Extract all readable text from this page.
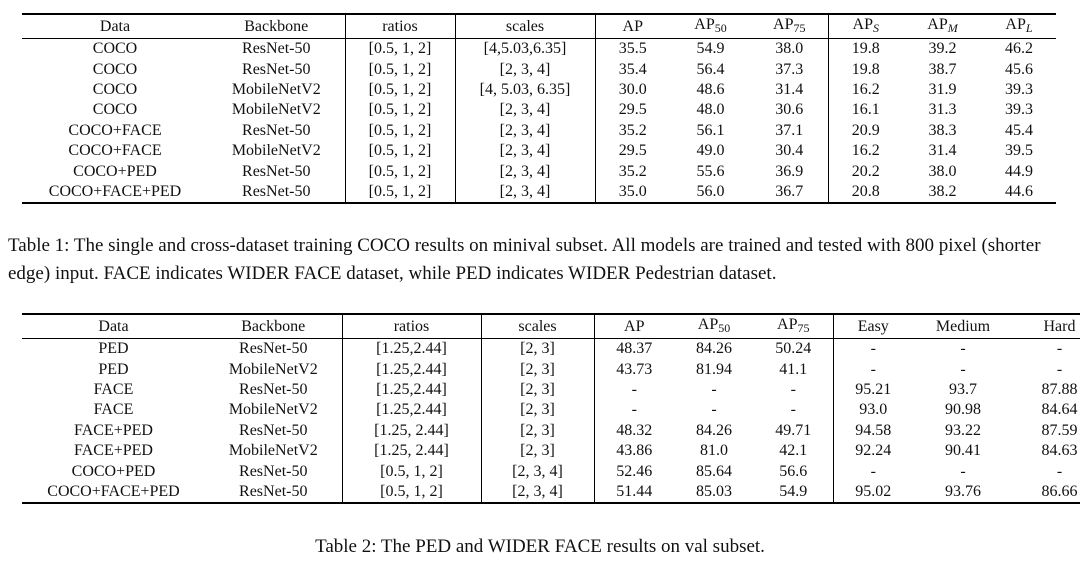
Data	Backbone	ratios	scales	AP	$AP_{50}$	$AP_{75}$	APS	APM	APL
COCO	ResNet-50	[0.5, 1, 2]	[4,5.03,6.35]	35.5	54.9	38.0	19.8	39.2	46.2
COCO	ResNet-50	[0.5, 1, 2]	[2, 3, 4]	35.4	56.4	37.3	19.8	38.7	45.6
COCO	MobileNetV2	[0.5, 1, 2]	[4, 5.03, 6.35]	30.0	48.6	31.4	16.2	31.9	39.3
COCO	MobileNetV2	[0.5, 1, 2]	[2, 3, 4]	29.5	48.0	30.6	16.1	31.3	39.3
COCO+FACE	ResNet-50	[0.5, 1, 2]	[2, 3, 4]	35.2	56.1	37.1	20.9	38.3	45.4
COCO+FACE	MobileNetV2	[0.5, 1, 2]	[2, 3, 4]	29.5	49.0	30.4	16.2	31.4	39.5
COCO+PED	ResNet-50	[0.5, 1, 2]	[2, 3, 4]	35.2	55.6	36.9	20.2	38.0	44.9
COCO+FACE+PED	ResNet-50	[0.5, 1, 2]	[2, 3, 4]	35.0	56.0	36.7	20.8	38.2	44.6
Table 1: The single and cross-dataset training COCO results on minival subset. All models are trained and tested with 800 pixel (shorter edge) input. FACE indicates WIDER FACE dataset, while PED indicates WIDER Pedestrian dataset.
Data	Backbone	ratios	scales	AP	$AP_{50}$	$AP_{75}$	Easy	Medium	Hard
PED	ResNet-50	[1.25,2.44]	[2, 3]	48.37	84.26	50.24	-	-	-
PED	MobileNetV2	[1.25,2.44]	[2, 3]	43.73	81.94	41.1	-	-	-
FACE	ResNet-50	[1.25,2.44]	[2, 3]	-	-	-	95.21	93.7	87.88
FACE	MobileNetV2	[1.25,2.44]	[2, 3]	-	-	-	93.0	90.98	84.64
FACE+PED	ResNet-50	[1.25, 2.44]	[2, 3]	48.32	84.26	49.71	94.58	93.22	87.59
FACE+PED	MobileNetV2	[1.25, 2.44]	[2, 3]	43.86	81.0	42.1	92.24	90.41	84.63
COCO+PED	ResNet-50	[0.5, 1, 2]	[2, 3, 4]	52.46	85.64	56.6	-	-	-
COCO+FACE+PED	ResNet-50	[0.5, 1, 2]	[2, 3, 4]	51.44	85.03	54.9	95.02	93.76	86.66
Table 2: The PED and WIDER FACE results on val subset.
